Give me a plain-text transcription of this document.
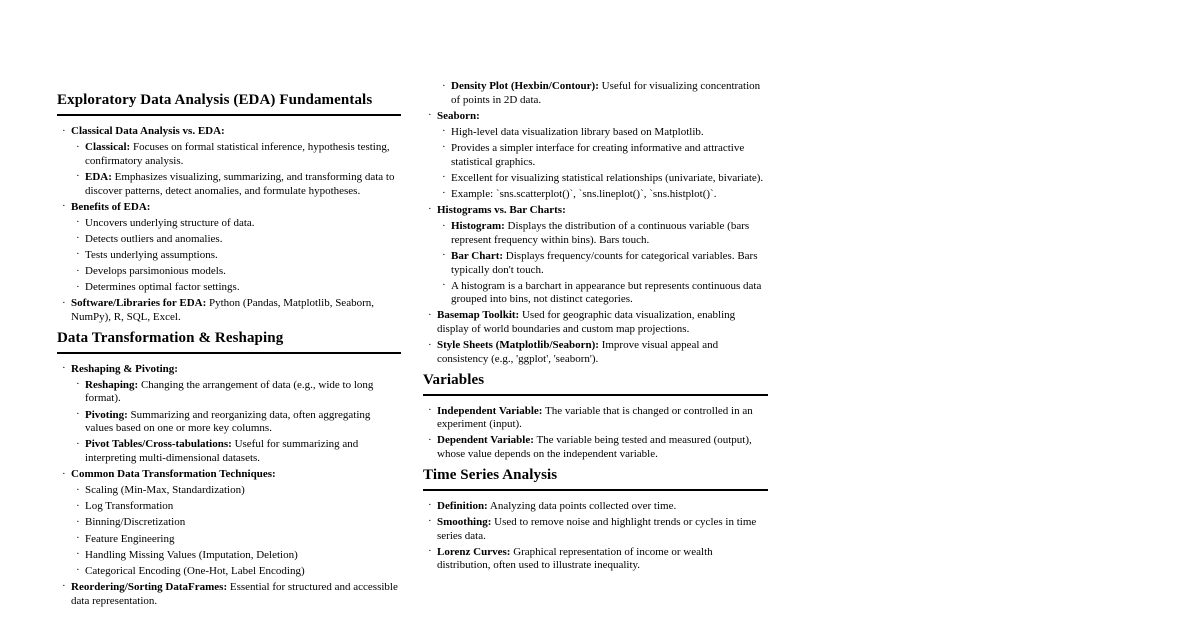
Exploratory Data Analysis (EDA) Fundamentals
· Classical Data Analysis vs. EDA:
· Classical: Focuses on formal statistical inference, hypothesis testing, confirmatory analysis.
· EDA: Emphasizes visualizing, summarizing, and transforming data to discover patterns, detect anomalies, and formulate hypotheses.
· Benefits of EDA:
· Uncovers underlying structure of data.
· Detects outliers and anomalies.
· Tests underlying assumptions.
· Develops parsimonious models.
· Determines optimal factor settings.
· Software/Libraries for EDA: Python (Pandas, Matplotlib, Seaborn, NumPy), R, SQL, Excel.
Data Transformation & Reshaping
· Reshaping & Pivoting:
· Reshaping: Changing the arrangement of data (e.g., wide to long format).
· Pivoting: Summarizing and reorganizing data, often aggregating values based on one or more key columns.
· Pivot Tables/Cross-tabulations: Useful for summarizing and interpreting multi-dimensional datasets.
· Common Data Transformation Techniques:
· Scaling (Min-Max, Standardization)
· Log Transformation
· Binning/Discretization
· Feature Engineering
· Handling Missing Values (Imputation, Deletion)
· Categorical Encoding (One-Hot, Label Encoding)
· Reordering/Sorting DataFrames: Essential for structured and accessible data representation.
· Density Plot (Hexbin/Contour): Useful for visualizing concentration of points in 2D data.
· Seaborn:
· High-level data visualization library based on Matplotlib.
· Provides a simpler interface for creating informative and attractive statistical graphics.
· Excellent for visualizing statistical relationships (univariate, bivariate).
· Example: `sns.scatterplot()`, `sns.lineplot()`, `sns.histplot()`.
· Histograms vs. Bar Charts:
· Histogram: Displays the distribution of a continuous variable (bars represent frequency within bins). Bars touch.
· Bar Chart: Displays frequency/counts for categorical variables. Bars typically don't touch.
· A histogram is a barchart in appearance but represents continuous data grouped into bins, not distinct categories.
· Basemap Toolkit: Used for geographic data visualization, enabling display of world boundaries and custom map projections.
· Style Sheets (Matplotlib/Seaborn): Improve visual appeal and consistency (e.g., 'ggplot', 'seaborn').
Variables
· Independent Variable: The variable that is changed or controlled in an experiment (input).
· Dependent Variable: The variable being tested and measured (output), whose value depends on the independent variable.
Time Series Analysis
· Definition: Analyzing data points collected over time.
· Smoothing: Used to remove noise and highlight trends or cycles in time series data.
· Lorenz Curves: Graphical representation of income or wealth distribution, often used to illustrate inequality.
